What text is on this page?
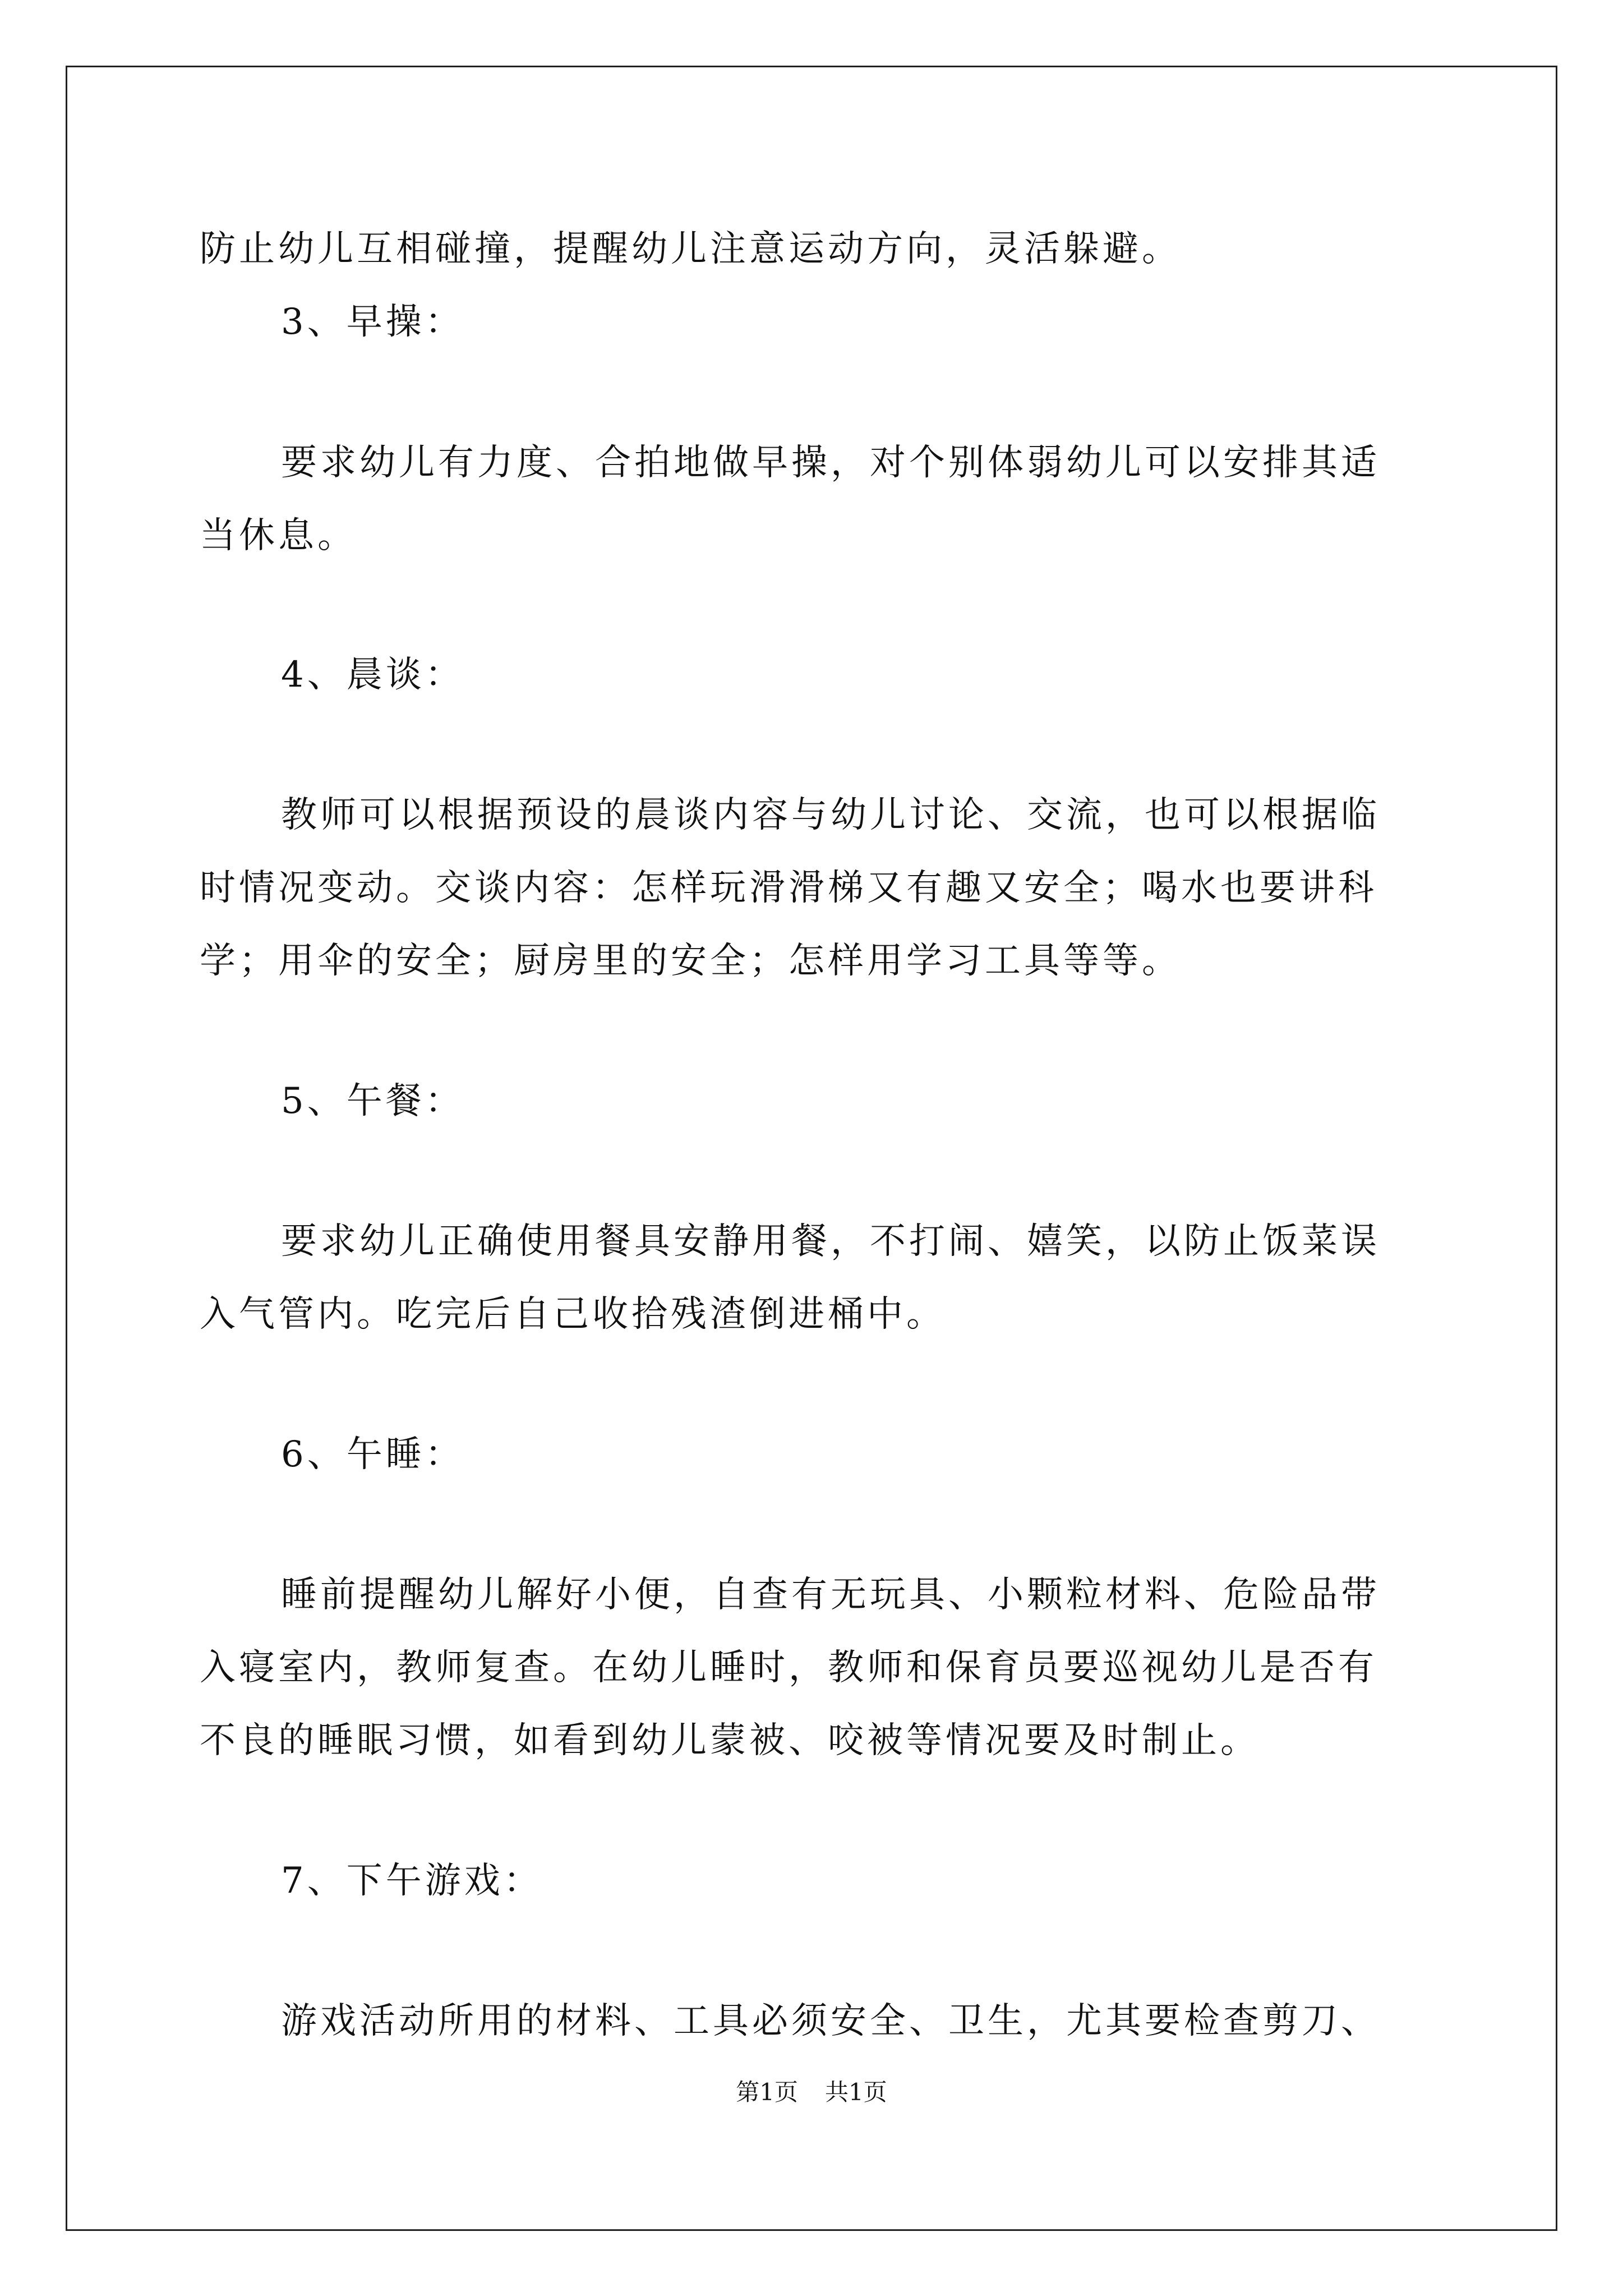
防止幼儿互相碰撞，提醒幼儿注意运动方向，灵活躲避。
3、早操：
要求幼儿有力度、合拍地做早操，对个别体弱幼儿可以安排其适
当休息。
4、晨谈：
教师可以根据预设的晨谈内容与幼儿讨论、交流，也可以根据临
时情况变动。交谈内容：怎样玩滑滑梯又有趣又安全；喝水也要讲科
学；用伞的安全；厨房里的安全；怎样用学习工具等等。
5、午餐：
要求幼儿正确使用餐具安静用餐，不打闹、嬉笑，以防止饭菜误
入气管内。吃完后自己收拾残渣倒进桶中。
6、午睡：
睡前提醒幼儿解好小便，自查有无玩具、小颗粒材料、危险品带
入寝室内，教师复查。在幼儿睡时，教师和保育员要巡视幼儿是否有
不良的睡眠习惯，如看到幼儿蒙被、咬被等情况要及时制止。
7、下午游戏：
游戏活动所用的材料、工具必须安全、卫生，尤其要检查剪刀、
第1页 共1页
